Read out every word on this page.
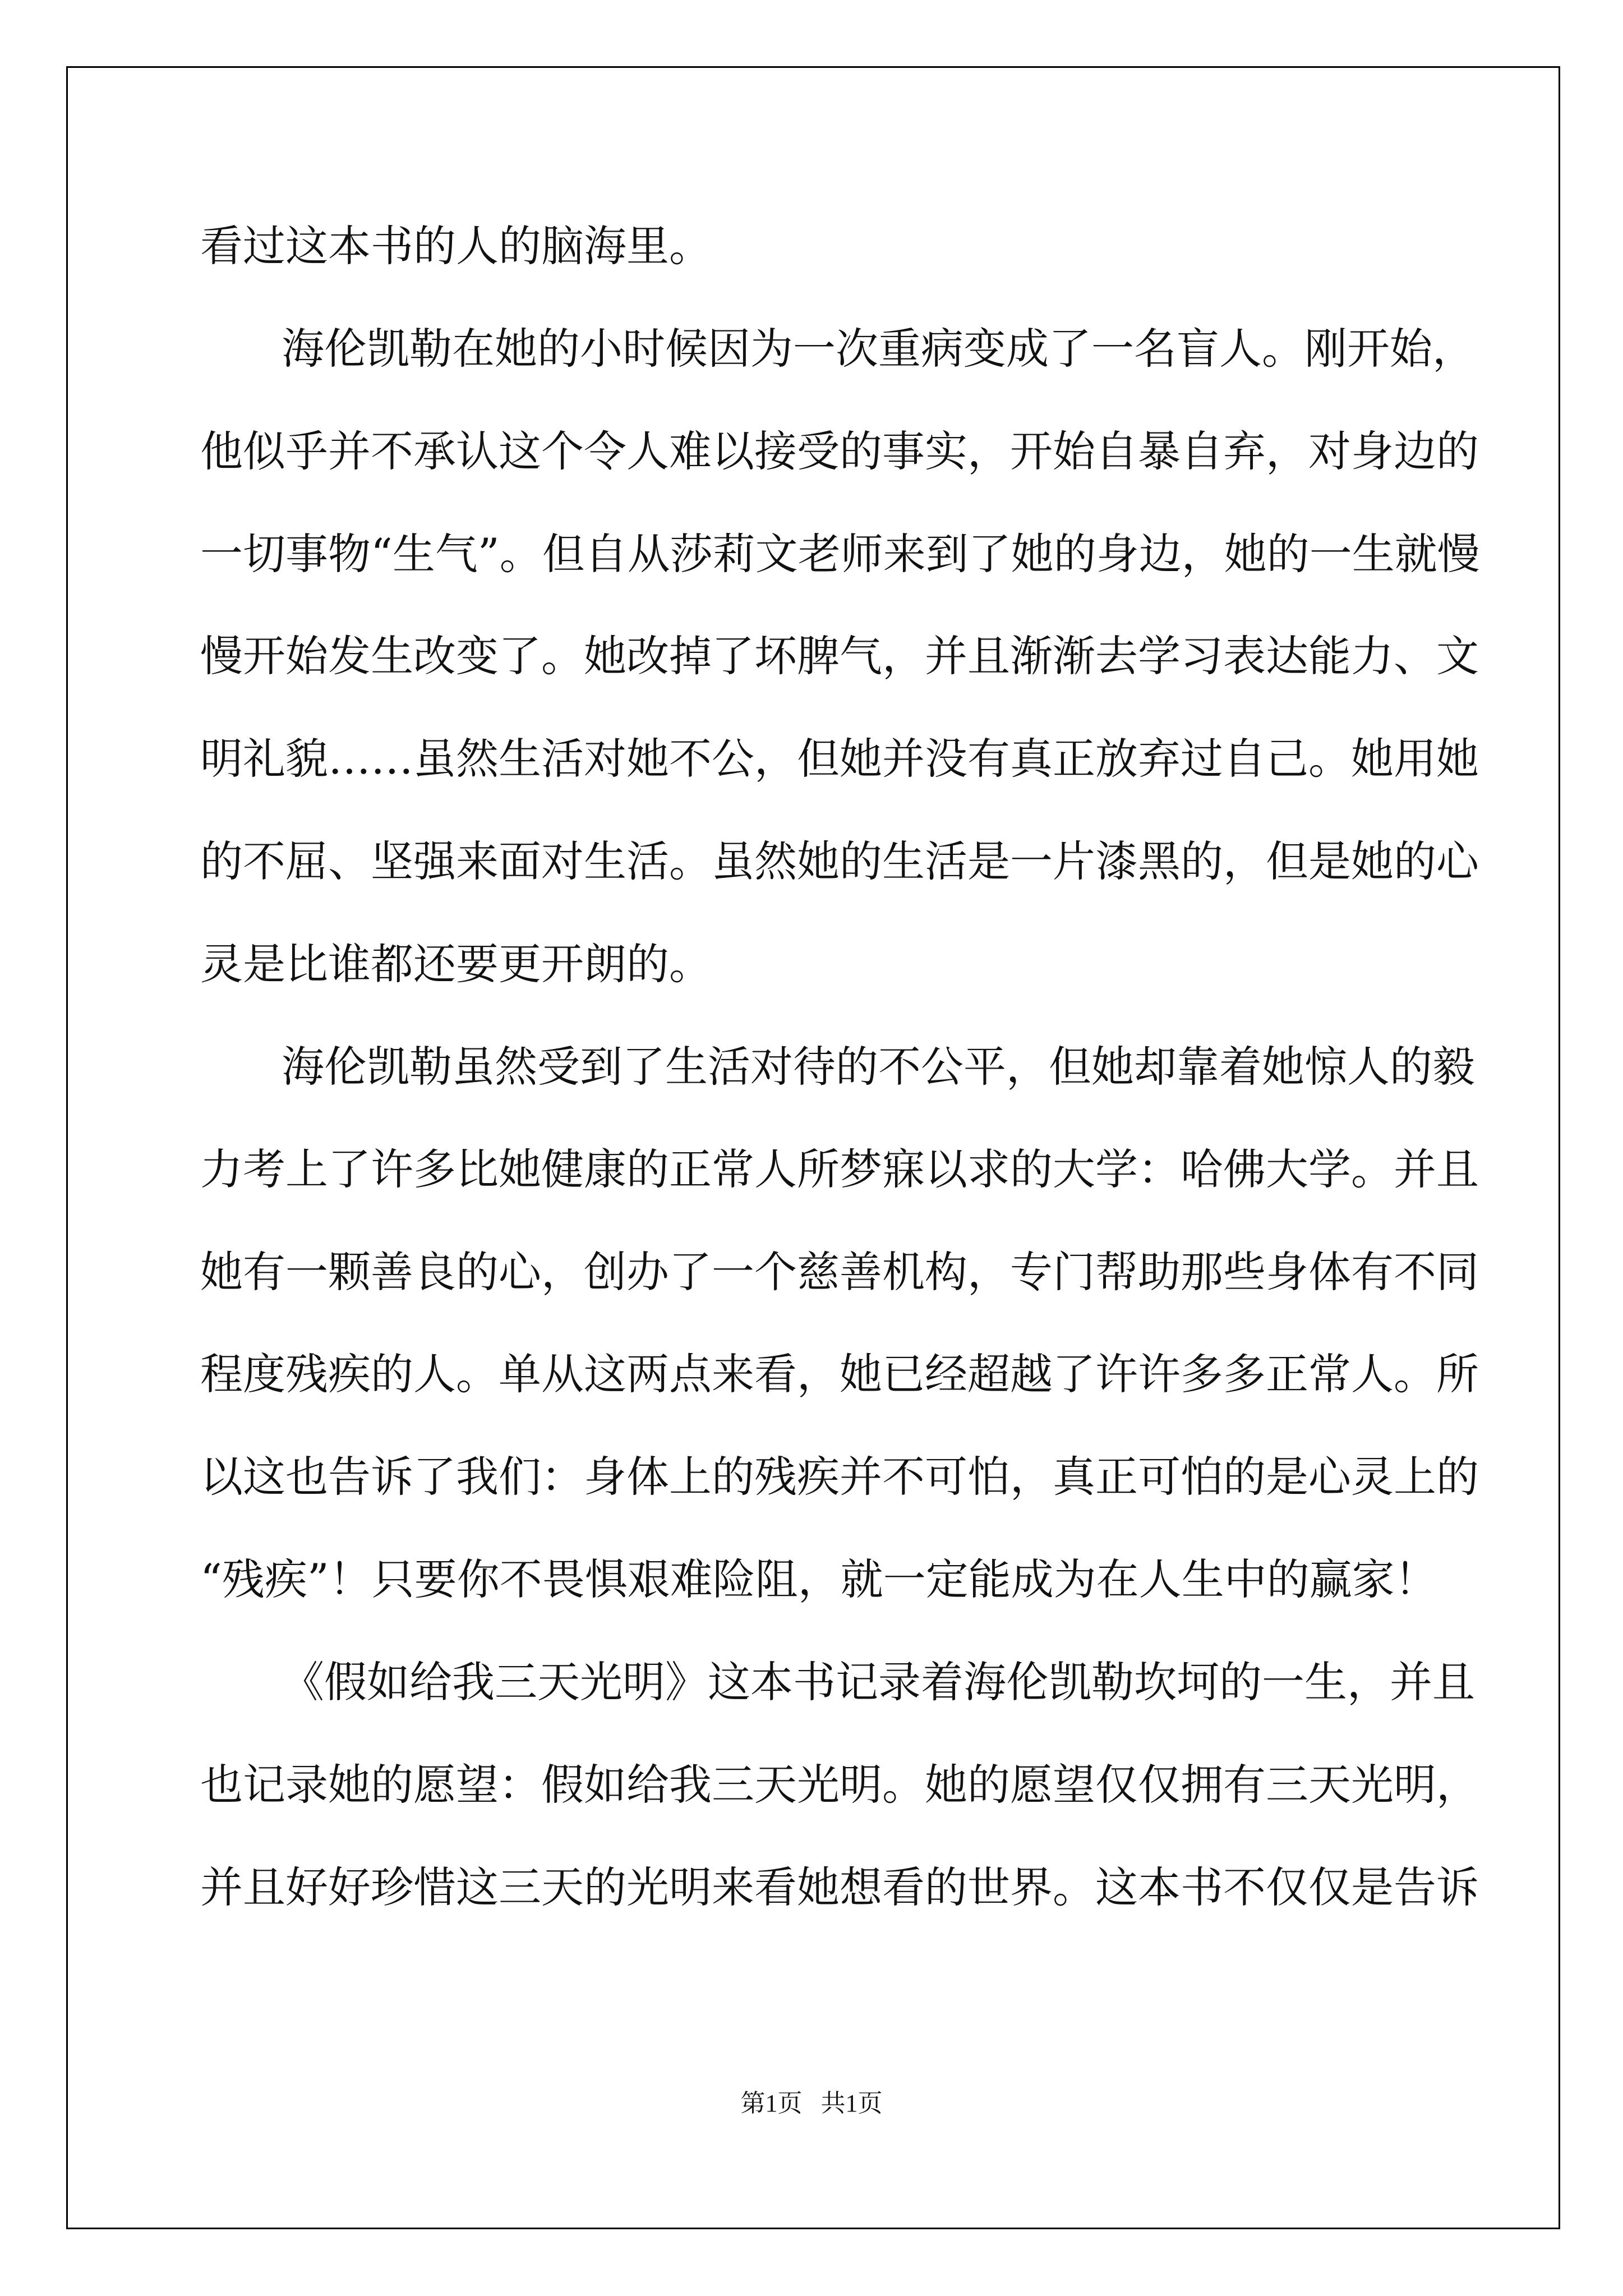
看过这本书的人的脑海里。
海伦凯勒在她的小时候因为一次重病变成了一名盲人。刚开始，
他似乎并不承认这个令人难以接受的事实，开始自暴自弃，对身边的
一切事物“生气”。但自从莎莉文老师来到了她的身边，她的一生就慢
慢开始发生改变了。她改掉了坏脾气，并且渐渐去学习表达能力、文
明礼貌……虽然生活对她不公，但她并没有真正放弃过自己。她用她
的不屈、坚强来面对生活。虽然她的生活是一片漆黑的，但是她的心
灵是比谁都还要更开朗的。
海伦凯勒虽然受到了生活对待的不公平，但她却靠着她惊人的毅
力考上了许多比她健康的正常人所梦寐以求的大学：哈佛大学。并且
她有一颗善良的心，创办了一个慈善机构，专门帮助那些身体有不同
程度残疾的人。单从这两点来看，她已经超越了许许多多正常人。所
以这也告诉了我们：身体上的残疾并不可怕，真正可怕的是心灵上的
“残疾”！只要你不畏惧艰难险阻，就一定能成为在人生中的赢家！
《假如给我三天光明》这本书记录着海伦凯勒坎坷的一生，并且
也记录她的愿望：假如给我三天光明。她的愿望仅仅拥有三天光明，
并且好好珍惜这三天的光明来看她想看的世界。这本书不仅仅是告诉
第1页   共1页
